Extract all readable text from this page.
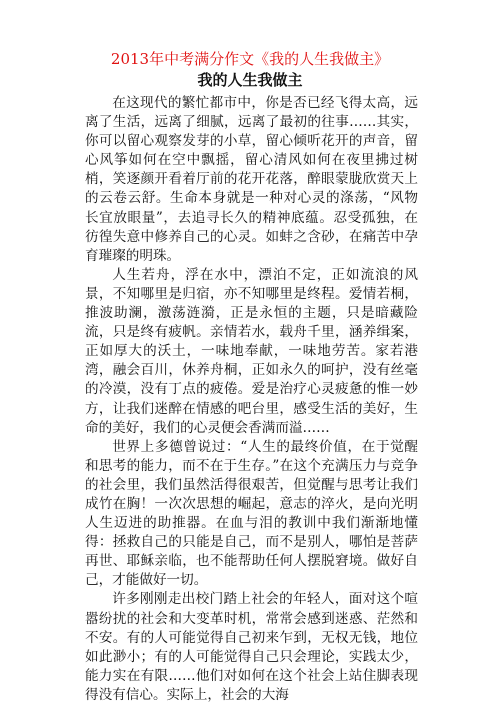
2013年中考满分作文《我的人生我做主》
我的人生我做主

在这现代的繁忙都市中，你是否已经飞得太高，远离了生活，远离了细腻，远离了最初的往事……其实，你可以留心观察发芽的小草，留心倾听花开的声音，留心风筝如何在空中飘摇，留心清风如何在夜里拂过树梢，笑逐颜开看着厅前的花开花落，醉眼蒙胧欣赏天上的云卷云舒。生命本身就是一种对心灵的涤荡，“风物长宜放眼量”，去追寻长久的精神底蕴。忍受孤独，在彷徨失意中修养自己的心灵。如蚌之含砂，在痛苦中孕育璀璨的明珠。

人生若舟，浮在水中，漂泊不定，正如流浪的风景，不知哪里是归宿，亦不知哪里是终程。爱情若桐，推波助澜，激荡涟漪，正是永恒的主题，只是暗藏险流，只是终有疲帆。亲情若水，载舟千里，涵养缉案，正如厚大的沃土，一味地奉献，一味地劳苦。家若港湾，融会百川，休养舟桐，正如永久的呵护，没有丝毫的冷漠，没有丁点的疲倦。爱是治疗心灵疲惫的惟一妙方，让我们迷醉在情感的吧台里，感受生活的美好，生命的美好，我们的心灵便会香满而溢……

世界上多德曾说过：“人生的最终价值，在于觉醒和思考的能力，而不在于生存。”在这个充满压力与竞争的社会里，我们虽然活得很艰苦，但觉醒与思考让我们成竹在胸！一次次思想的崛起，意志的淬火，是向光明人生迈进的助推器。在血与泪的教训中我们渐渐地懂得：拯救自己的只能是自己，而不是别人，哪怕是菩萨再世、耶稣亲临，也不能帮助任何人摆脱窘境。做好自己，才能做好一切。

许多刚刚走出校门踏上社会的年轻人，面对这个喧嚣纷扰的社会和大变革时机，常常会感到迷惑、茫然和不安。有的人可能觉得自己初来乍到，无权无钱，地位如此渺小；有的人可能觉得自己只会理论，实践太少，能力实在有限……他们对如何在这个社会上站住脚表现得没有信心。实际上，社会的大海
